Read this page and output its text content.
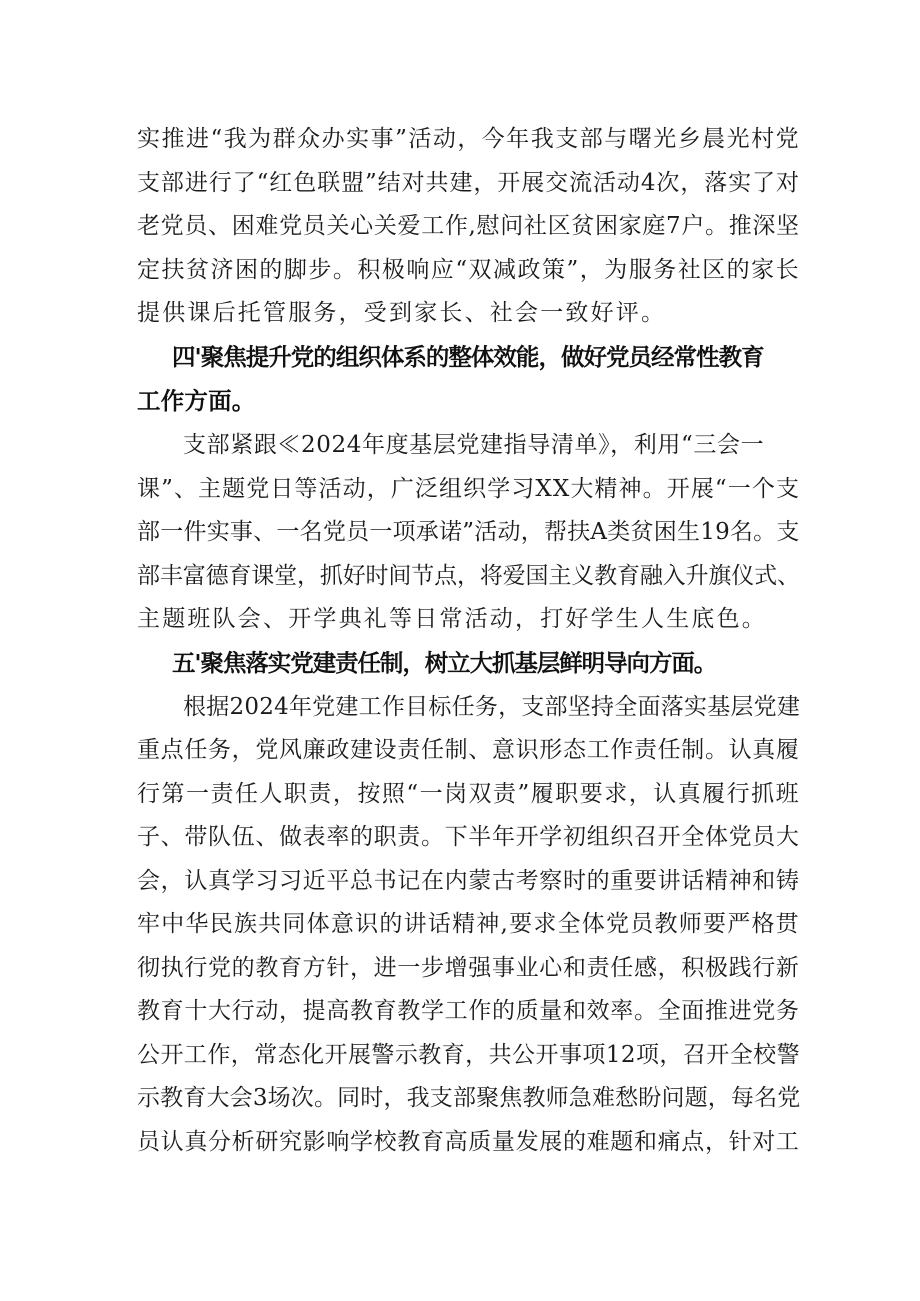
实推进“我为群众办实事”活动，今年我支部与曙光乡晨光村党
支部进行了“红色联盟”结对共建，开展交流活动4次，落实了对
老党员、困难党员关心关爱工作,慰问社区贫困家庭7户。推深坚
定扶贫济困的脚步。积极响应“双减政策”，为服务社区的家长
提供课后托管服务，受到家长、社会一致好评。
四'聚焦提升党的组织体系的整体效能，做好党员经常性教育
工作方面。
支部紧跟≪2024年度基层党建指导清单》，利用“三会一
课”、主题党日等活动，广泛组织学习XX大精神。开展“一个支
部一件实事、一名党员一项承诺”活动，帮扶A类贫困生19名。支
部丰富德育课堂，抓好时间节点，将爱国主义教育融入升旗仪式、
主题班队会、开学典礼等日常活动，打好学生人生底色。
五'聚焦落实党建责任制，树立大抓基层鲜明导向方面。
根据2024年党建工作目标任务，支部坚持全面落实基层党建
重点任务，党风廉政建设责任制、意识形态工作责任制。认真履
行第一责任人职责，按照“一岗双责”履职要求，认真履行抓班
子、带队伍、做表率的职责。下半年开学初组织召开全体党员大
会，认真学习习近平总书记在内蒙古考察时的重要讲话精神和铸
牢中华民族共同体意识的讲话精神,要求全体党员教师要严格贯
彻执行党的教育方针，进一步增强事业心和责任感，积极践行新
教育十大行动，提高教育教学工作的质量和效率。全面推进党务
公开工作，常态化开展警示教育，共公开事项12项，召开全校警
示教育大会3场次。同时，我支部聚焦教师急难愁盼问题，每名党
员认真分析研究影响学校教育高质量发展的难题和痛点，针对工
